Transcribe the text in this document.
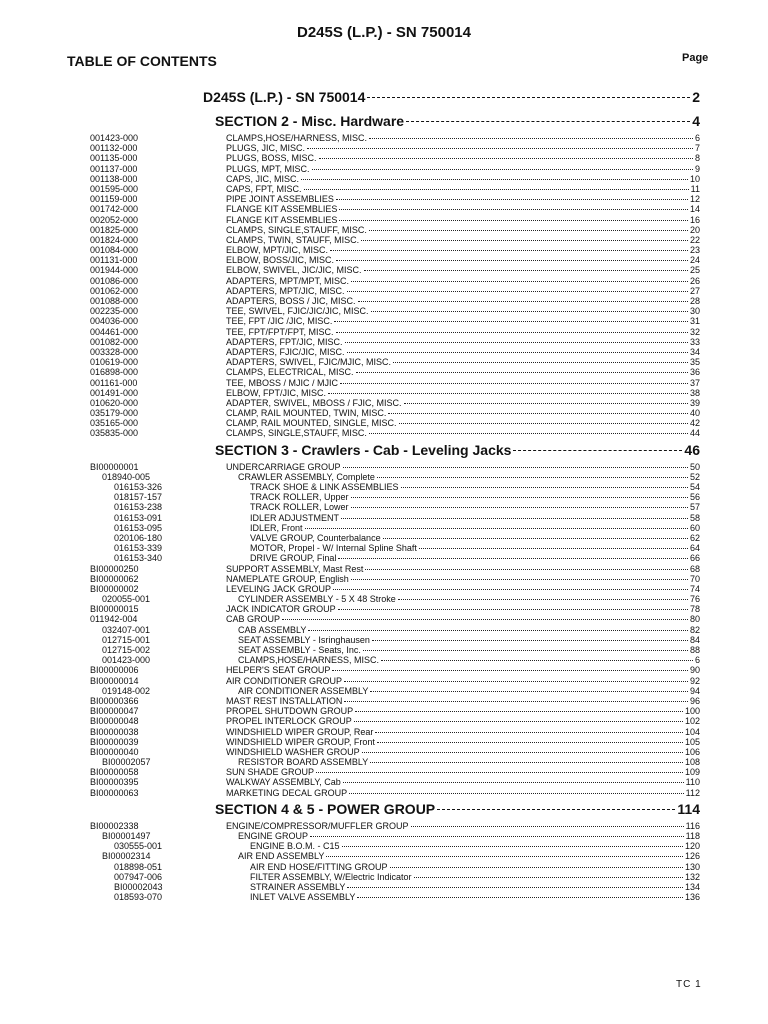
D245S (L.P.) - SN 750014
TABLE OF CONTENTS	Page
D245S (L.P.) - SN 750014	2
SECTION 2 - Misc. Hardware	4
001423-000	CLAMPS,HOSE/HARNESS, MISC.	6
001132-000	PLUGS, JIC, MISC.	7
001135-000	PLUGS, BOSS, MISC.	8
001137-000	PLUGS, MPT, MISC.	9
001138-000	CAPS, JIC, MISC.	10
001595-000	CAPS, FPT, MISC.	11
001159-000	PIPE JOINT ASSEMBLIES	12
001742-000	FLANGE KIT ASSEMBLIES	14
002052-000	FLANGE KIT ASSEMBLIES	16
001825-000	CLAMPS, SINGLE,STAUFF, MISC.	20
001824-000	CLAMPS, TWIN, STAUFF, MISC.	22
001084-000	ELBOW, MPT/JIC, MISC.	23
001131-000	ELBOW, BOSS/JIC, MISC.	24
001944-000	ELBOW, SWIVEL, JIC/JIC, MISC.	25
001086-000	ADAPTERS, MPT/MPT, MISC.	26
001062-000	ADAPTERS, MPT/JIC, MISC.	27
001088-000	ADAPTERS, BOSS / JIC, MISC.	28
002235-000	TEE, SWIVEL, FJIC/JIC/JIC, MISC.	30
004036-000	TEE, FPT /JIC /JIC, MISC.	31
004461-000	TEE, FPT/FPT/FPT, MISC.	32
001082-000	ADAPTERS, FPT/JIC, MISC.	33
003328-000	ADAPTERS, FJIC/JIC, MISC.	34
010619-000	ADAPTERS, SWIVEL, FJIC/MJIC, MISC.	35
016898-000	CLAMPS, ELECTRICAL, MISC.	36
001161-000	TEE, MBOSS / MJIC / MJIC	37
001491-000	ELBOW, FPT/JIC, MISC.	38
010620-000	ADAPTER, SWIVEL, MBOSS / FJIC, MISC.	39
035179-000	CLAMP, RAIL MOUNTED, TWIN, MISC.	40
035165-000	CLAMP, RAIL MOUNTED, SINGLE, MISC.	42
035835-000	CLAMPS, SINGLE,STAUFF, MISC.	44
SECTION 3 - Crawlers - Cab - Leveling Jacks	46
BI00000001	UNDERCARRIAGE GROUP	50
018940-005	CRAWLER ASSEMBLY, Complete	52
016153-326	TRACK SHOE & LINK ASSEMBLIES	54
018157-157	TRACK ROLLER, Upper	56
016153-238	TRACK ROLLER, Lower	57
016153-091	IDLER ADJUSTMENT	58
016153-095	IDLER, Front	60
020106-180	VALVE GROUP, Counterbalance	62
016153-339	MOTOR, Propel - W/ Internal Spline Shaft	64
016153-340	DRIVE GROUP, Final	66
BI00000250	SUPPORT ASSEMBLY, Mast Rest	68
BI00000062	NAMEPLATE GROUP, English	70
BI00000002	LEVELING JACK GROUP	74
020055-001	CYLINDER ASSEMBLY - 5 X 48 Stroke	76
BI00000015	JACK INDICATOR GROUP	78
011942-004	CAB GROUP	80
032407-001	CAB ASSEMBLY	82
012715-001	SEAT ASSEMBLY - Isringhausen	84
012715-002	SEAT ASSEMBLY - Seats, Inc.	88
001423-000	CLAMPS,HOSE/HARNESS, MISC.	6
BI00000006	HELPER'S SEAT GROUP	90
BI00000014	AIR CONDITIONER GROUP	92
019148-002	AIR CONDITIONER ASSEMBLY	94
BI00000366	MAST REST INSTALLATION	96
BI00000047	PROPEL SHUTDOWN GROUP	100
BI00000048	PROPEL INTERLOCK GROUP	102
BI00000038	WINDSHIELD WIPER GROUP, Rear	104
BI00000039	WINDSHIELD WIPER GROUP, Front	105
BI00000040	WINDSHIELD WASHER GROUP	106
BI00002057	RESISTOR BOARD ASSEMBLY	108
BI00000058	SUN SHADE GROUP	109
BI00000395	WALKWAY ASSEMBLY, Cab	110
BI00000063	MARKETING DECAL GROUP	112
SECTION 4 & 5 - POWER GROUP	114
BI00002338	ENGINE/COMPRESSOR/MUFFLER GROUP	116
BI00001497	ENGINE GROUP	118
030555-001	ENGINE B.O.M. - C15	120
BI00002314	AIR END ASSEMBLY	126
018898-051	AIR END HOSE/FITTING GROUP	130
007947-006	FILTER ASSEMBLY, W/Electric Indicator	132
BI00002043	STRAINER ASSEMBLY	134
018593-070	INLET VALVE ASSEMBLY	136
TC 1
